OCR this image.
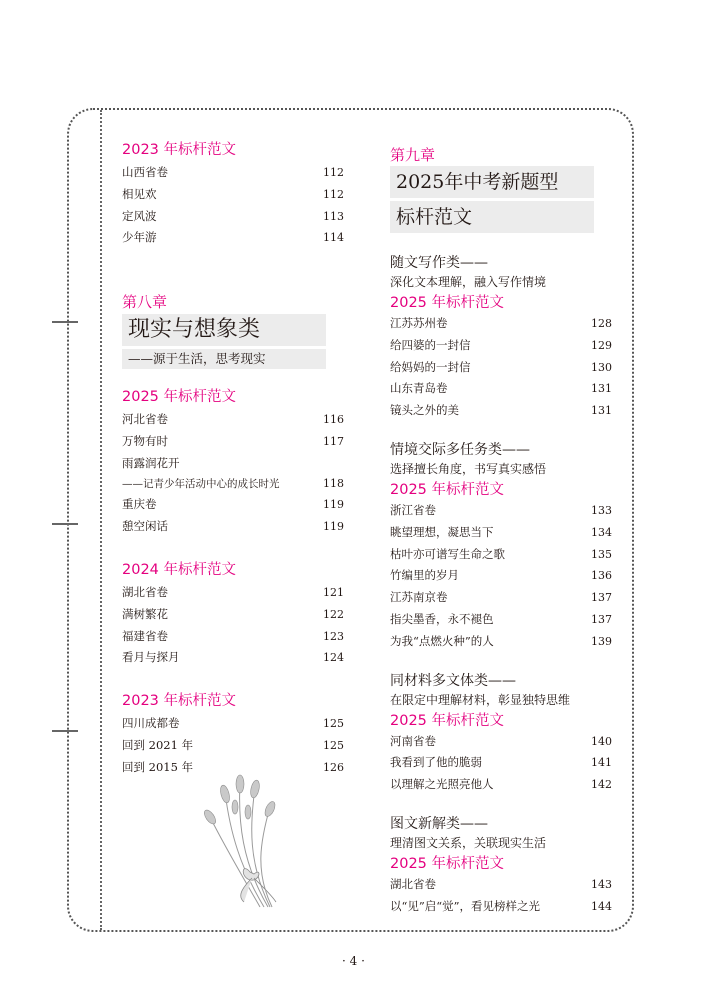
2023 年标杆范文

山西省卷	112
相见欢	112
定风波	113
少年游	114
第八章
现实与想象类
——源于生活，思考现实

2025 年标杆范文

河北省卷	116
万物有时	117
雨露润花开
——记青少年活动中心的成长时光	118
重庆卷	119
憩空闲话	119

2024 年标杆范文

湖北省卷	121
满树繁花	122
福建省卷	123
看月与探月	124

2023 年标杆范文

四川成都卷	125
回到 2021 年	125
回到 2015 年	126
第九章
2025年中考新题型
标杆范文
随文写作类——
深化文本理解，融入写作情境

2025 年标杆范文

江苏苏州卷	128
给四婆的一封信	129
给妈妈的一封信	130
山东青岛卷	131
镜头之外的美	131
情境交际多任务类——
选择擅长角度，书写真实感悟

2025 年标杆范文

浙江省卷	133
眺望理想，凝思当下	134
枯叶亦可谱写生命之歌	135
竹编里的岁月	136
江苏南京卷	137
指尖墨香，永不褪色	137
为我“点燃火种”的人	139
同材料多文体类——
在限定中理解材料，彰显独特思维

2025 年标杆范文

河南省卷	140
我看到了他的脆弱	141
以理解之光照亮他人	142
图文新解类——
理清图文关系，关联现实生活

2025 年标杆范文

湖北省卷	143
以“见”启“觉”，看见榜样之光	144
· 4 ·
